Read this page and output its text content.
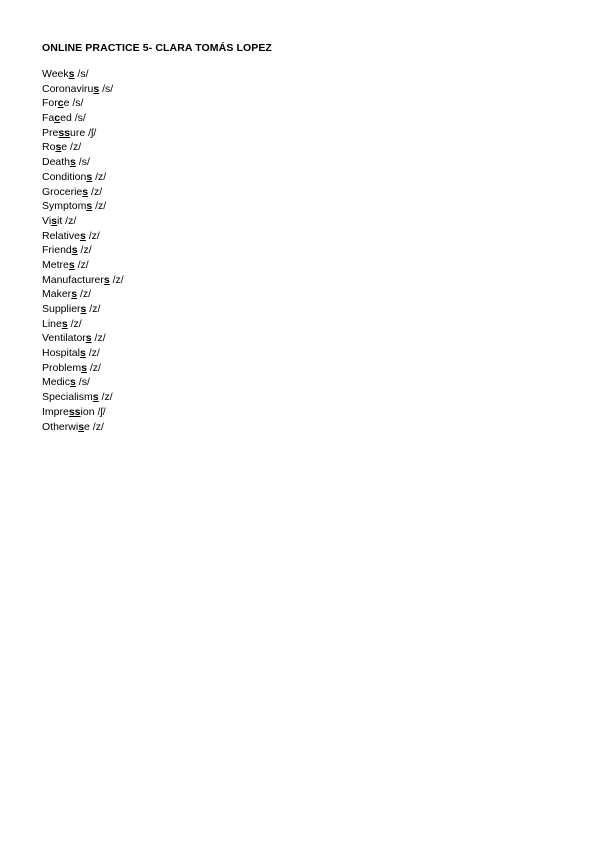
ONLINE PRACTICE 5- CLARA TOMÁS LOPEZ
Weeks /s/
Coronavirus /s/
Force /s/
Faced /s/
Pressure /ʃ/
Rose /z/
Deaths /s/
Conditions /z/
Groceries /z/
Symptoms /z/
Visit /z/
Relatives /z/
Friends /z/
Metres /z/
Manufacturers /z/
Makers /z/
Suppliers /z/
Lines /z/
Ventilators /z/
Hospitals /z/
Problems /z/
Medics /s/
Specialisms /z/
Impression /ʃ/
Otherwise /z/
